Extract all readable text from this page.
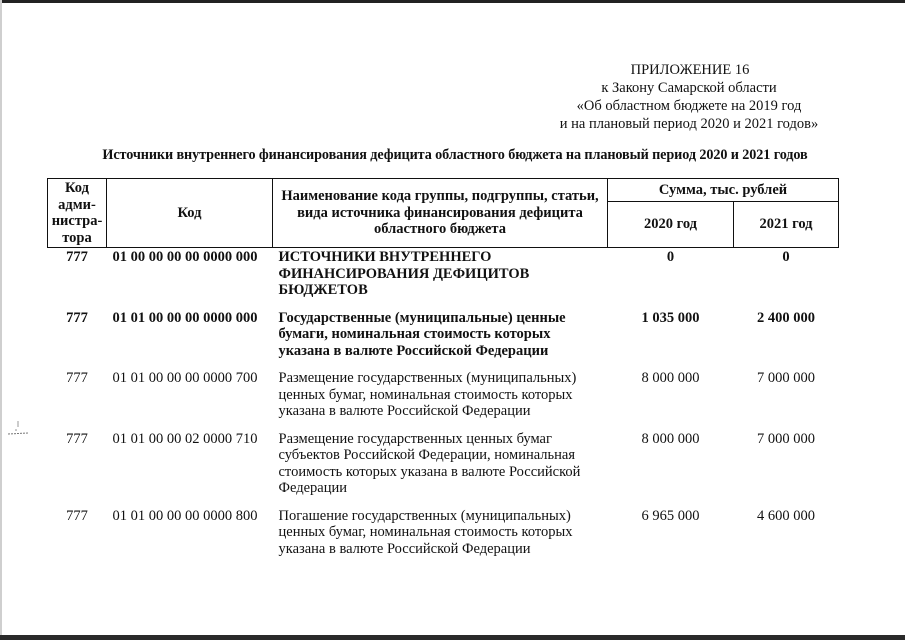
ПРИЛОЖЕНИЕ 16
к Закону Самарской области
«Об областном бюджете на 2019 год
и на плановый период 2020 и 2021 годов»
Источники внутреннего финансирования дефицита областного бюджета на плановый период 2020 и 2021 годов
Код адми-нистра-тора	Код	Наименование кода группы, подгруппы, статьи, вида источника финансирования дефицита областного бюджета	Сумма, тыс. рублей	
			2020 год	2021 год
777	01 00 00 00 00 0000 000	ИСТОЧНИКИ ВНУТРЕННЕГО ФИНАНСИРОВАНИЯ ДЕФИЦИТОВ БЮДЖЕТОВ	0	0
777	01 01 00 00 00 0000 000	Государственные (муниципальные) ценные бумаги, номинальная стоимость которых указана в валюте Российской Федерации	1 035 000	2 400 000
777	01 01 00 00 00 0000 700	Размещение государственных (муниципальных) ценных бумаг, номинальная стоимость которых указана в валюте Российской Федерации	8 000 000	7 000 000
777	01 01 00 00 02 0000 710	Размещение государственных ценных бумаг субъектов Российской Федерации, номинальная стоимость которых указана в валюте Российской Федерации	8 000 000	7 000 000
777	01 01 00 00 00 0000 800	Погашение государственных (муниципальных) ценных бумаг, номинальная стоимость которых указана в валюте Российской Федерации	6 965 000	4 600 000
